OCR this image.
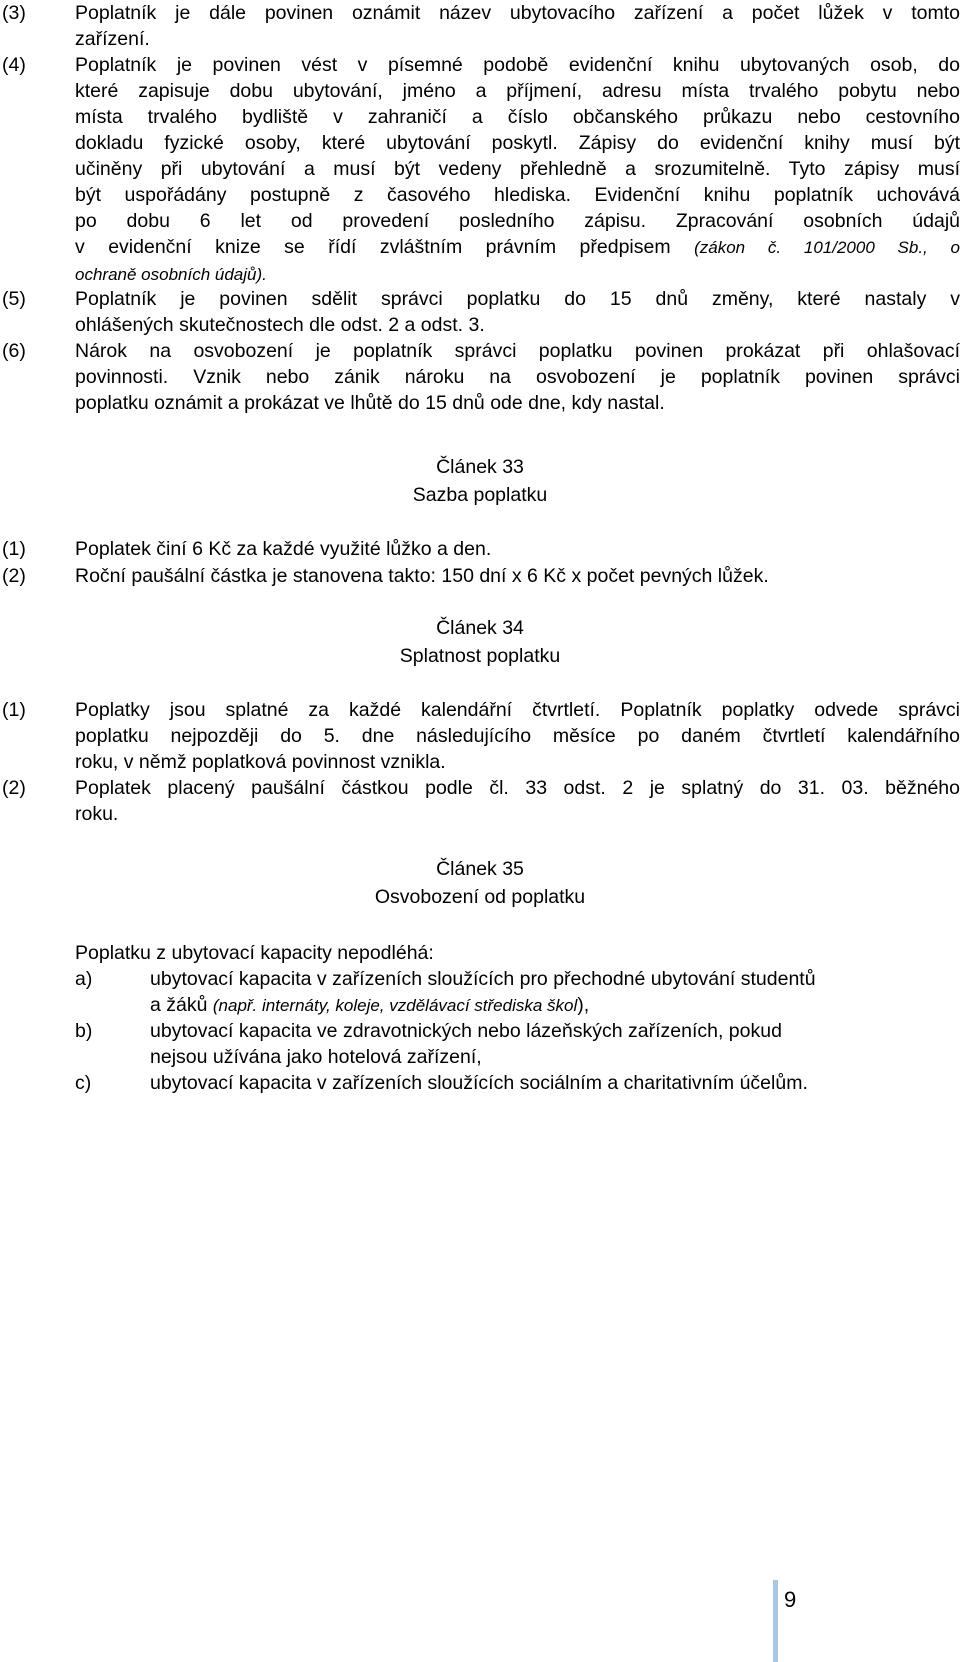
(3)	Poplatník je dále povinen oznámit název ubytovacího zařízení a počet lůžek v tomto
zařízení.
(4)	Poplatník je povinen vést v písemné podobě evidenční knihu ubytovaných osob, do
které zapisuje dobu ubytování, jméno a příjmení, adresu místa trvalého pobytu nebo
místa trvalého bydliště v zahraničí a číslo občanského průkazu nebo cestovního
dokladu fyzické osoby, které ubytování poskytl. Zápisy do evidenční knihy musí být
učiněny při ubytování a musí být vedeny přehledně a srozumitelně. Tyto zápisy musí
být uspořádány postupně z časového hlediska. Evidenční knihu poplatník uchovává
po dobu 6 let od provedení posledního zápisu. Zpracování osobních údajů
v evidenční knize se řídí zvláštním právním předpisem (zákon č. 101/2000 Sb., o
ochraně osobních údajů).
(5)	Poplatník je povinen sdělit správci poplatku do 15 dnů změny, které nastaly v
ohlášených skutečnostech dle odst. 2 a odst. 3.
(6)	Nárok na osvobození je poplatník správci poplatku povinen prokázat při ohlašovací
povinnosti. Vznik nebo zánik nároku na osvobození je poplatník povinen správci
poplatku oznámit a prokázat ve lhůtě do 15 dnů ode dne, kdy nastal.
Článek 33
Sazba poplatku
(1)	Poplatek činí 6 Kč za každé využité lůžko a den.
(2)	Roční paušální částka je stanovena takto: 150 dní x 6 Kč x počet pevných lůžek.
Článek 34
Splatnost poplatku
(1)	Poplatky jsou splatné za každé kalendářní čtvrtletí. Poplatník poplatky odvede správci
poplatku nejpozději do 5. dne následujícího měsíce po daném čtvrtletí kalendářního
roku, v němž poplatková povinnost vznikla.
(2)	Poplatek placený paušální částkou podle čl. 33 odst. 2 je splatný do 31. 03. běžného
roku.
Článek 35
Osvobození od poplatku
Poplatku z ubytovací kapacity nepodléhá:
a)	ubytovací kapacita v zařízeních sloužících pro přechodné ubytování studentů
a žáků (např. internáty, koleje, vzdělávací střediska škol),
b)	ubytovací kapacita ve zdravotnických nebo lázeňských zařízeních, pokud
nejsou užívána jako hotelová zařízení,
c)	ubytovací kapacita v zařízeních sloužících sociálním a charitativním účelům.
9
